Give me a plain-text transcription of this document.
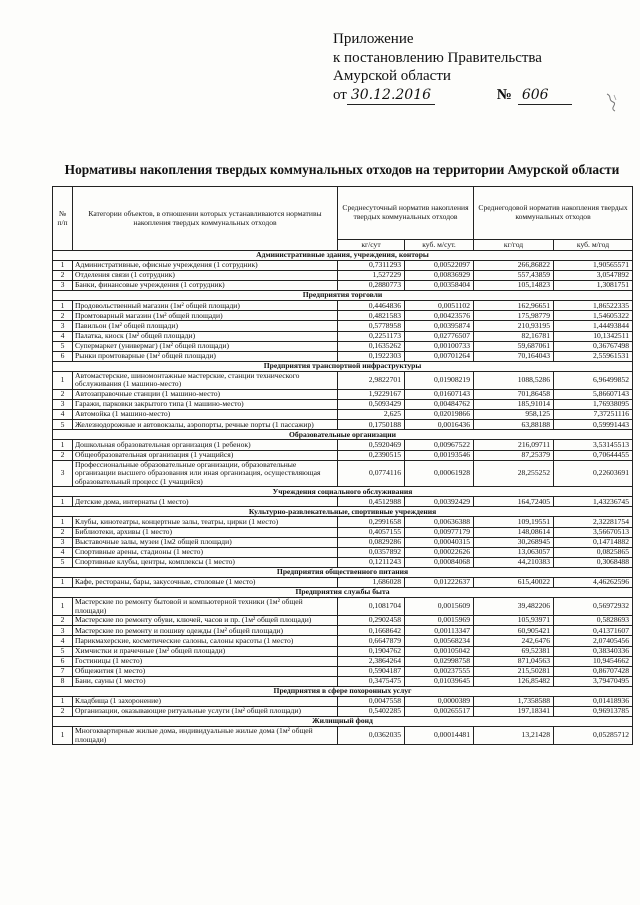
Приложение
к постановлению Правительства
Амурской области
от 30.12.2016	№ 606
Нормативы накопления твердых коммунальных отходов на территории Амурской области
№ п/п	Категории объектов, в отношении которых устанавливаются нормативы накопления твердых коммунальных отходов	Среднесуточный норматив накопления твердых коммунальных отходов		Среднегодовой норматив накопления твердых коммунальных отходов	
		кг/сут	куб. м/сут.	кг/год	куб. м/год
Административные здания, учреждения, конторы					
1	Административные, офисные учреждения (1 сотрудник)	0,7311293	0,00522097	266,86822	1,90565571
2	Отделения связи (1 сотрудник)	1,527229	0,00836929	557,43859	3,0547892
3	Банки, финансовые учреждения (1 сотрудник)	0,2880773	0,00358404	105,14823	1,3081751
Предприятия торговли					
1	Продовольственный магазин (1м² общей площади)	0,4464836	0,0051102	162,96651	1,86522335
2	Промтоварный магазин (1м² общей площади)	0,4821583	0,00423576	175,98779	1,54605322
3	Павильон (1м² общей площади)	0,5778958	0,00395874	210,93195	1,44493844
4	Палатка, киоск (1м² общей площади)	0,2251173	0,02776507	82,16781	10,1342511
5	Супермаркет (универмаг) (1м² общей площади)	0,1635262	0,00100733	59,687061	0,36767498
6	Рынки промтоварные (1м² общей площади)	0,1922303	0,00701264	70,164043	2,55961531
Предприятия транспортной инфраструктуры					
1	Автомастерские, шиномонтажные мастерские, станции технического обслуживания (1 машино-место)	2,9822701	0,01908219	1088,5286	6,96499852
2	Автозаправочные станции (1 машино-место)	1,9229167	0,01607143	701,86458	5,86607143
3	Гаражи, парковки закрытого типа (1 машино-место)	0,5093429	0,00484762	185,91014	1,76938095
4	Автомойка (1 машино-место)	2,625	0,02019866	958,125	7,37251116
5	Железнодорожные и автовокзалы, аэропорты, речные порты (1 пассажир)	0,1750188	0,0016436	63,88188	0,59991443
Образовательные организации					
1	Дошкольная образовательная организация (1 ребенок)	0,5920469	0,00967522	216,09711	3,53145513
2	Общеобразовательная организация (1 учащийся)	0,2390515	0,00193546	87,25379	0,70644455
3	Профессиональные образовательные организации, образовательные организации высшего образования или иная организация, осуществляющая образовательный процесс (1 учащийся)	0,0774116	0,00061928	28,255252	0,22603691
Учреждения социального обслуживания					
1	Детские дома, интернаты (1 место)	0,4512988	0,00392429	164,72405	1,43236745
Культурно-развлекательные, спортивные учреждения					
1	Клубы, кинотеатры, концертные залы, театры, цирки (1 место)	0,2991658	0,00636388	109,19551	2,32281754
2	Библиотеки, архивы (1 место)	0,4057155	0,00977179	148,08614	3,56670513
3	Выставочные залы, музеи (1м2 общей площади)	0,0829286	0,00040315	30,268945	0,14714882
4	Спортивные арены, стадионы (1 место)	0,0357892	0,00022626	13,063057	0,0825865
5	Спортивные клубы, центры, комплексы (1 место)	0,1211243	0,00084068	44,210383	0,3068488
Предприятия общественного питания					
1	Кафе, рестораны, бары, закусочные, столовые (1 место)	1,686028	0,01222637	615,40022	4,46262596
Предприятия службы быта					
1	Мастерские по ремонту бытовой и компьютерной техники (1м² общей площади)	0,1081704	0,0015609	39,482206	0,56972932
2	Мастерские по ремонту обуви, ключей, часов и пр. (1м² общей площади)	0,2902458	0,0015969	105,93971	0,5828693
3	Мастерские по ремонту и пошиву одежды (1м² общей площади)	0,1668642	0,00113347	60,905421	0,41371607
4	Парикмахерские, косметические салоны, салоны красоты (1 место)	0,6647879	0,00568234	242,6476	2,07405456
5	Химчистки и прачечные (1м² общей площади)	0,1904762	0,00105042	69,52381	0,38340336
6	Гостиницы (1 место)	2,3864264	0,02998758	871,04563	10,9454662
7	Общежития (1 место)	0,5904187	0,00237555	215,50281	0,86707428
8	Бани, сауны (1 место)	0,3475475	0,01039645	126,85482	3,79470495
Предприятия в сфере похоронных услуг					
1	Кладбища (1 захоронение)	0,0047558	0,0000389	1,7358588	0,01418936
2	Организации, оказывающие ритуальные услуги (1м² общей площади)	0,5402285	0,00265517	197,18341	0,96913785
Жилищный фонд					
1	Многоквартирные жилые дома, индивидуальные жилые дома (1м² общей площади)	0,0362035	0,00014481	13,21428	0,05285712
